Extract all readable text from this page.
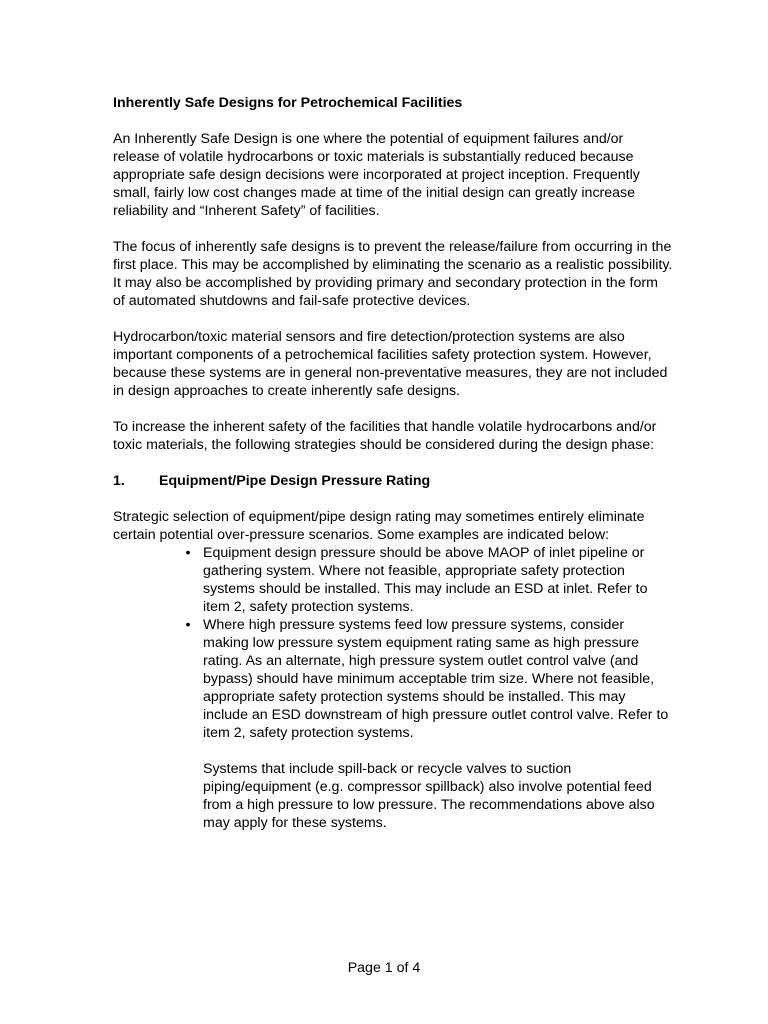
Inherently Safe Designs for Petrochemical Facilities

An Inherently Safe Design is one where the potential of equipment failures and/or release of volatile hydrocarbons or toxic materials is substantially reduced because appropriate safe design decisions were incorporated at project inception. Frequently small, fairly low cost changes made at time of the initial design can greatly increase reliability and “Inherent Safety” of facilities.

The focus of inherently safe designs is to prevent the release/failure from occurring in the first place. This may be accomplished by eliminating the scenario as a realistic possibility. It may also be accomplished by providing primary and secondary protection in the form of automated shutdowns and fail-safe protective devices.

Hydrocarbon/toxic material sensors and fire detection/protection systems are also important components of a petrochemical facilities safety protection system. However, because these systems are in general non-preventative measures, they are not included in design approaches to create inherently safe designs.

To increase the inherent safety of the facilities that handle volatile hydrocarbons and/or toxic materials, the following strategies should be considered during the design phase:

1.	Equipment/Pipe Design Pressure Rating

Strategic selection of equipment/pipe design rating may sometimes entirely eliminate certain potential over-pressure scenarios. Some examples are indicated below:

• Equipment design pressure should be above MAOP of inlet pipeline or gathering system. Where not feasible, appropriate safety protection systems should be installed. This may include an ESD at inlet. Refer to item 2, safety protection systems.
• Where high pressure systems feed low pressure systems, consider making low pressure system equipment rating same as high pressure rating. As an alternate, high pressure system outlet control valve (and bypass) should have minimum acceptable trim size. Where not feasible, appropriate safety protection systems should be installed. This may include an ESD downstream of high pressure outlet control valve. Refer to item 2, safety protection systems.
Systems that include spill-back or recycle valves to suction piping/equipment (e.g. compressor spillback) also involve potential feed from a high pressure to low pressure. The recommendations above also may apply for these systems.
Page 1 of 4
